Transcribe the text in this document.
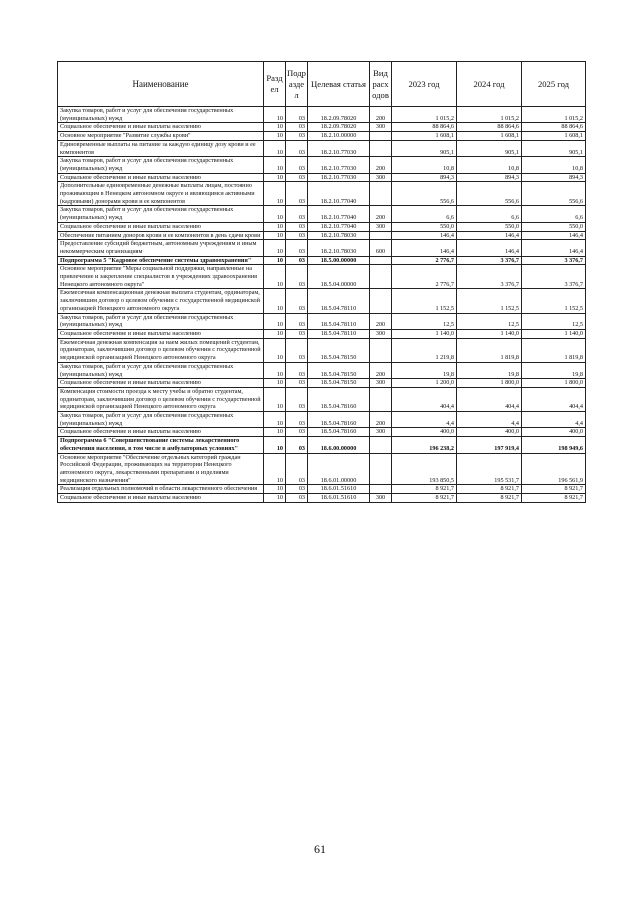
Наименование	Разд ел	Подр азде л	Целевая статья	Вид расх одов	2023 год	2024 год	2025 год
Закупка товаров, работ и услуг для обеспечения государственных (муниципальных) нужд	10	03	18.2.09.78020	200	1 015,2	1 015,2	1 015,2
Социальное обеспечение и иные выплаты населению	10	03	18.2.09.78020	300	88 864,6	88 864,6	88 864,6
Основное мероприятие "Развитие службы крови"	10	03	18.2.10.00000		1 608,1	1 608,1	1 608,1
Единовременные выплаты на питание за каждую единицу дозу крови и ее компонентов	10	03	18.2.10.77030		905,1	905,1	905,1
Закупка товаров, работ и услуг для обеспечения государственных (муниципальных) нужд	10	03	18.2.10.77030	200	10,8	10,8	10,8
Социальное обеспечение и иные выплаты населению	10	03	18.2.10.77030	300	894,3	894,3	894,3
Дополнительные единовременные денежные выплаты лицам, постоянно проживающим в Ненецком автономном округе и являющимся активными (кадровыми) донорами крови и ее компонентов	10	03	18.2.10.77040		556,6	556,6	556,6
Закупка товаров, работ и услуг для обеспечения государственных (муниципальных) нужд	10	03	18.2.10.77040	200	6,6	6,6	6,6
Социальное обеспечение и иные выплаты населению	10	03	18.2.10.77040	300	550,0	550,0	550,0
Обеспечение питанием доноров крови и ее компонентов в день сдачи крови	10	03	18.2.10.78030		146,4	146,4	146,4
Предоставление субсидий бюджетным, автономным учреждениям и иным некоммерческим организациям	10	03	18.2.10.78030	600	146,4	146,4	146,4
Подпрограмма 5 "Кадровое обеспечение системы здравоохранения"	10	03	18.5.00.00000		2 776,7	3 376,7	3 376,7
Основное мероприятие "Меры социальной поддержки, направленные на привлечение и закрепление специалистов в учреждениях здравоохранения Ненецкого автономного округа"	10	03	18.5.04.00000		2 776,7	3 376,7	3 376,7
Ежемесячная компенсационная денежная выплата студентам, ординаторам, заключившим договор о целевом обучении с государственной медицинской организацией Ненецкого автономного округа	10	03	18.5.04.78110		1 152,5	1 152,5	1 152,5
Закупка товаров, работ и услуг для обеспечения государственных (муниципальных) нужд	10	03	18.5.04.78110	200	12,5	12,5	12,5
Социальное обеспечение и иные выплаты населению	10	03	18.5.04.78110	300	1 140,0	1 140,0	1 140,0
Ежемесячная денежная компенсация за наем жилых помещений студентам, ординаторам, заключившим договор о целевом обучении с государственной медицинской организацией Ненецкого автономного округа	10	03	18.5.04.78150		1 219,8	1 819,8	1 819,8
Закупка товаров, работ и услуг для обеспечения государственных (муниципальных) нужд	10	03	18.5.04.78150	200	19,8	19,8	19,8
Социальное обеспечение и иные выплаты населению	10	03	18.5.04.78150	300	1 200,0	1 800,0	1 800,0
Компенсация стоимости проезда к месту учебы и обратно студентам, ординаторам, заключившим договор о целевом обучении с государственной медицинской организацией Ненецкого автономного округа	10	03	18.5.04.78160		404,4	404,4	404,4
Закупка товаров, работ и услуг для обеспечения государственных (муниципальных) нужд	10	03	18.5.04.78160	200	4,4	4,4	4,4
Социальное обеспечение и иные выплаты населению	10	03	18.5.04.78160	300	400,0	400,0	400,0
Подпрограмма 6 "Совершенствование системы лекарственного обеспечения населения, в том числе в амбулаторных условиях"	10	03	18.6.00.00000		196 238,2	197 919,4	198 949,6
Основное мероприятие "Обеспечение отдельных категорий граждан Российской Федерации, проживающих на территории Ненецкого автономного округа, лекарственными препаратами и изделиями медицинского назначения"	10	03	18.6.01.00000		193 850,5	195 531,7	196 561,9
Реализация отдельных полномочий в области лекарственного обеспечения	10	03	18.6.01.51610		8 921,7	8 921,7	8 921,7
Социальное обеспечение и иные выплаты населению	10	03	18.6.01.51610	300	8 921,7	8 921,7	8 921,7
61
